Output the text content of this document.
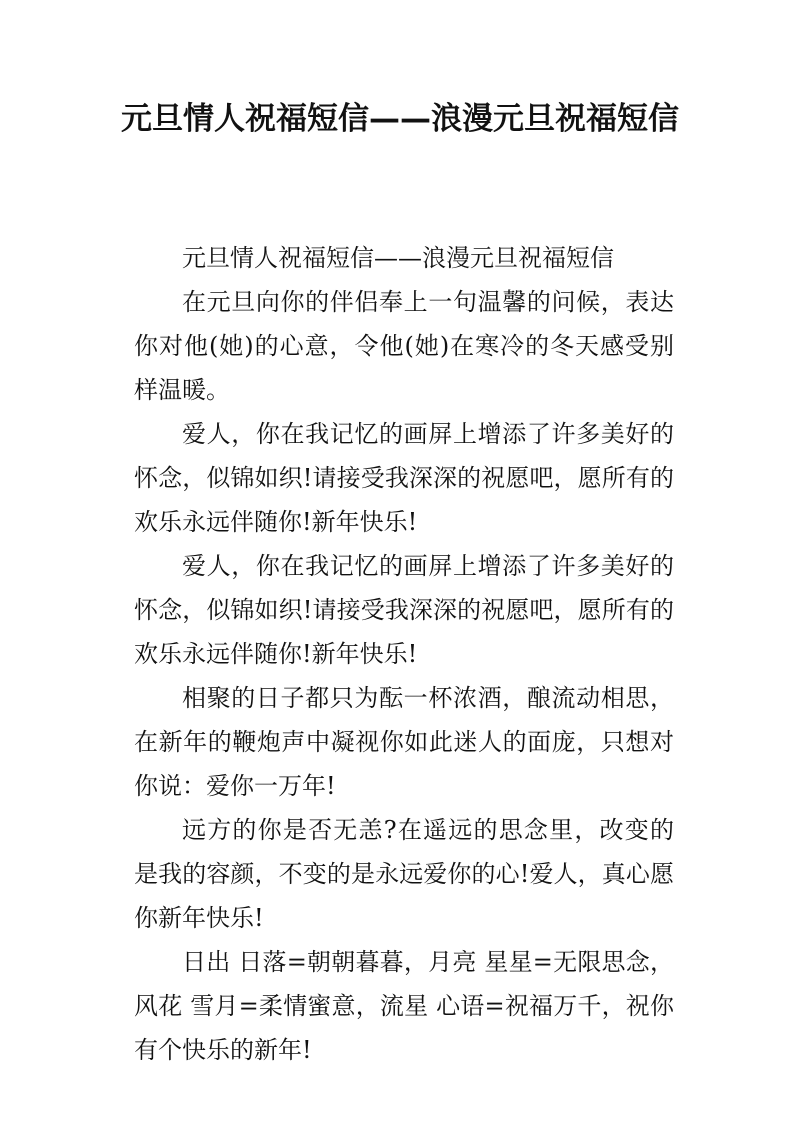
元旦情人祝福短信——浪漫元旦祝福短信

元旦情人祝福短信——浪漫元旦祝福短信

在元旦向你的伴侣奉上一句温馨的问候，表达你对他(她)的心意，令他(她)在寒冷的冬天感受别样温暖。

爱人，你在我记忆的画屏上增添了许多美好的怀念，似锦如织!请接受我深深的祝愿吧，愿所有的欢乐永远伴随你!新年快乐!

爱人，你在我记忆的画屏上增添了许多美好的怀念，似锦如织!请接受我深深的祝愿吧，愿所有的欢乐永远伴随你!新年快乐!

相聚的日子都只为酝一杯浓酒，酿流动相思，在新年的鞭炮声中凝视你如此迷人的面庞，只想对你说：爱你一万年!

远方的你是否无恙?在遥远的思念里，改变的是我的容颜，不变的是永远爱你的心!爱人，真心愿你新年快乐!

日出 日落=朝朝暮暮，月亮 星星=无限思念，风花 雪月=柔情蜜意，流星 心语=祝福万千，祝你有个快乐的新年!
